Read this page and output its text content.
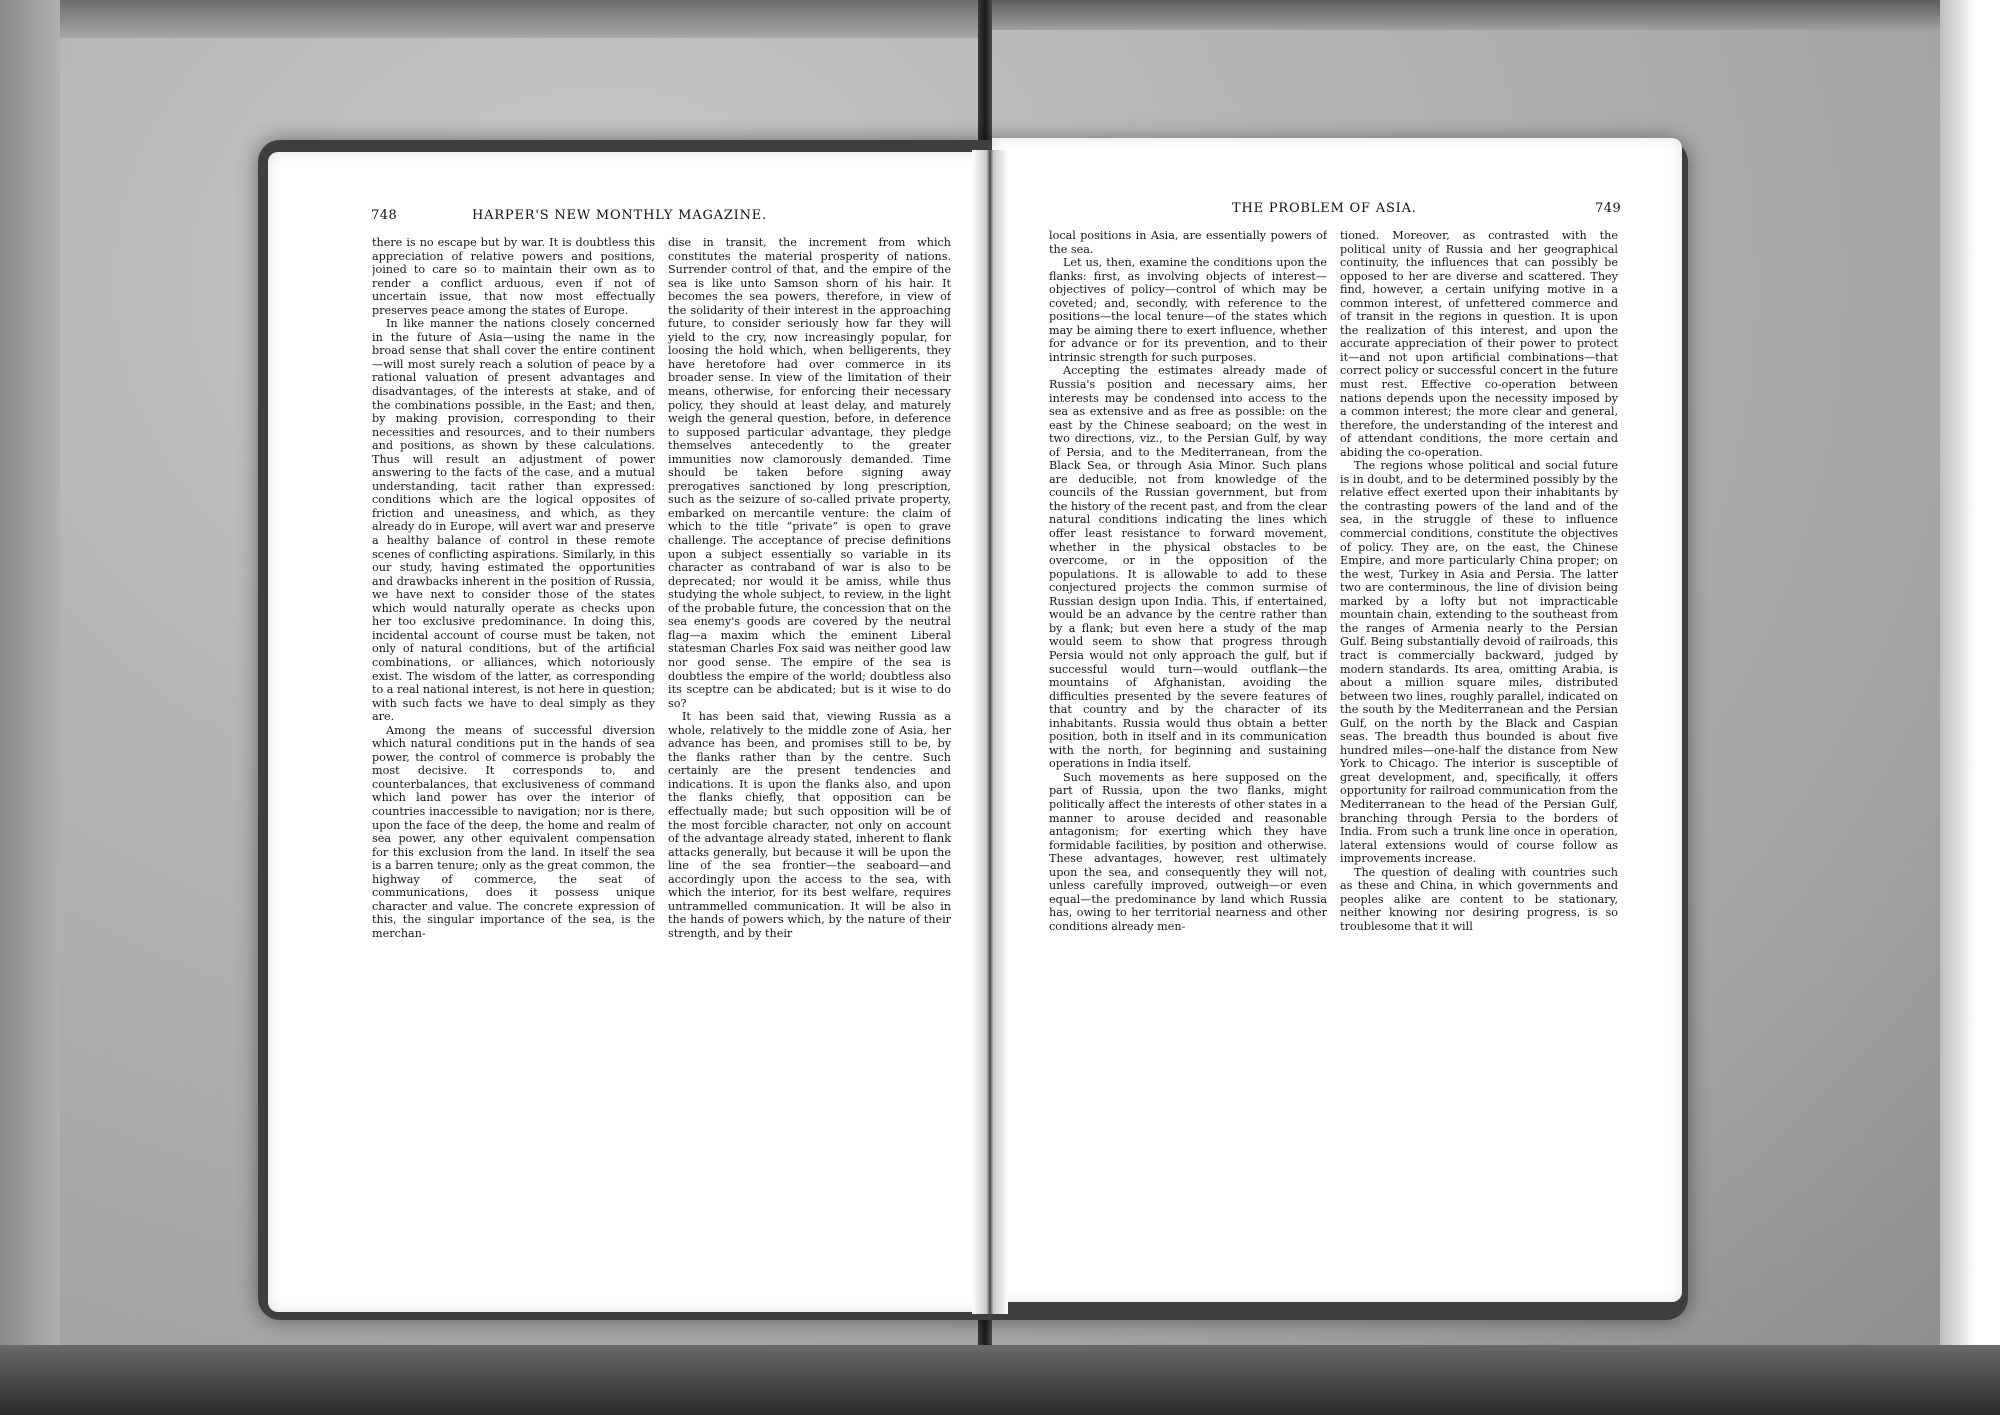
748	HARPER'S NEW MONTHLY MAGAZINE.	THE PROBLEM OF ASIA.	749

there is no escape but by war. It is doubtless this appreciation of relative powers and positions, joined to care so to maintain their own as to render a conflict arduous, even if not of uncertain issue, that now most effectually preserves peace among the states of Europe.

In like manner the nations closely concerned in the future of Asia—using the name in the broad sense that shall cover the entire continent—will most surely reach a solution of peace by a rational valuation of present advantages and disadvantages, of the interests at stake, and of the combinations possible, in the East; and then, by making provision, corresponding to their necessities and resources, and to their numbers and positions, as shown by these calculations. Thus will result an adjustment of power answering to the facts of the case, and a mutual understanding, tacit rather than expressed: conditions which are the logical opposites of friction and uneasiness, and which, as they already do in Europe, will avert war and preserve a healthy balance of control in these remote scenes of conflicting aspirations. Similarly, in this our study, having estimated the opportunities and drawbacks inherent in the position of Russia, we have next to consider those of the states which would naturally operate as checks upon her too exclusive predominance. In doing this, incidental account of course must be taken, not only of natural conditions, but of the artificial combinations, or alliances, which notoriously exist. The wisdom of the latter, as corresponding to a real national interest, is not here in question; with such facts we have to deal simply as they are.

Among the means of successful diversion which natural conditions put in the hands of sea power, the control of commerce is probably the most decisive. It corresponds to, and counterbalances, that exclusiveness of command which land power has over the interior of countries inaccessible to navigation; nor is there, upon the face of the deep, the home and realm of sea power, any other equivalent compensation for this exclusion from the land. In itself the sea is a barren tenure; only as the great common, the highway of commerce, the seat of communications, does it possess unique character and value. The concrete expression of this, the singular importance of the sea, is the merchan-

dise in transit, the increment from which constitutes the material prosperity of nations. Surrender control of that, and the empire of the sea is like unto Samson shorn of his hair. It becomes the sea powers, therefore, in view of the solidarity of their interest in the approaching future, to consider seriously how far they will yield to the cry, now increasingly popular, for loosing the hold which, when belligerents, they have heretofore had over commerce in its broader sense. In view of the limitation of their means, otherwise, for enforcing their necessary policy, they should at least delay, and maturely weigh the general question, before, in deference to supposed particular advantage, they pledge themselves antecedently to the greater immunities now clamorously demanded. Time should be taken before signing away prerogatives sanctioned by long prescription, such as the seizure of so-called private property, embarked on mercantile venture: the claim of which to the title “private” is open to grave challenge. The acceptance of precise definitions upon a subject essentially so variable in its character as contraband of war is also to be deprecated; nor would it be amiss, while thus studying the whole subject, to review, in the light of the probable future, the concession that on the sea enemy's goods are covered by the neutral flag—a maxim which the eminent Liberal statesman Charles Fox said was neither good law nor good sense. The empire of the sea is doubtless the empire of the world; doubtless also its sceptre can be abdicated; but is it wise to do so?

It has been said that, viewing Russia as a whole, relatively to the middle zone of Asia, her advance has been, and promises still to be, by the flanks rather than by the centre. Such certainly are the present tendencies and indications. It is upon the flanks also, and upon the flanks chiefly, that opposition can be effectually made; but such opposition will be of the most forcible character, not only on account of the advantage already stated, inherent to flank attacks generally, but because it will be upon the line of the sea frontier—the seaboard—and accordingly upon the access to the sea, with which the interior, for its best welfare, requires untrammelled communication. It will be also in the hands of powers which, by the nature of their strength, and by their

local positions in Asia, are essentially powers of the sea.

Let us, then, examine the conditions upon the flanks: first, as involving objects of interest—objectives of policy—control of which may be coveted; and, secondly, with reference to the positions—the local tenure—of the states which may be aiming there to exert influence, whether for advance or for its prevention, and to their intrinsic strength for such purposes.

Accepting the estimates already made of Russia's position and necessary aims, her interests may be condensed into access to the sea as extensive and as free as possible: on the east by the Chinese seaboard; on the west in two directions, viz., to the Persian Gulf, by way of Persia, and to the Mediterranean, from the Black Sea, or through Asia Minor. Such plans are deducible, not from knowledge of the councils of the Russian government, but from the history of the recent past, and from the clear natural conditions indicating the lines which offer least resistance to forward movement, whether in the physical obstacles to be overcome, or in the opposition of the populations. It is allowable to add to these conjectured projects the common surmise of Russian design upon India. This, if entertained, would be an advance by the centre rather than by a flank; but even here a study of the map would seem to show that progress through Persia would not only approach the gulf, but if successful would turn—would outflank—the mountains of Afghanistan, avoiding the difficulties presented by the severe features of that country and by the character of its inhabitants. Russia would thus obtain a better position, both in itself and in its communication with the north, for beginning and sustaining operations in India itself.

Such movements as here supposed on the part of Russia, upon the two flanks, might politically affect the interests of other states in a manner to arouse decided and reasonable antagonism; for exerting which they have formidable facilities, by position and otherwise. These advantages, however, rest ultimately upon the sea, and consequently they will not, unless carefully improved, outweigh—or even equal—the predominance by land which Russia has, owing to her territorial nearness and other conditions already men-

tioned. Moreover, as contrasted with the political unity of Russia and her geographical continuity, the influences that can possibly be opposed to her are diverse and scattered. They find, however, a certain unifying motive in a common interest, of unfettered commerce and of transit in the regions in question. It is upon the realization of this interest, and upon the accurate appreciation of their power to protect it—and not upon artificial combinations—that correct policy or successful concert in the future must rest. Effective co-operation between nations depends upon the necessity imposed by a common interest; the more clear and general, therefore, the understanding of the interest and of attendant conditions, the more certain and abiding the co-operation.

The regions whose political and social future is in doubt, and to be determined possibly by the relative effect exerted upon their inhabitants by the contrasting powers of the land and of the sea, in the struggle of these to influence commercial conditions, constitute the objectives of policy. They are, on the east, the Chinese Empire, and more particularly China proper; on the west, Turkey in Asia and Persia. The latter two are conterminous, the line of division being marked by a lofty but not impracticable mountain chain, extending to the southeast from the ranges of Armenia nearly to the Persian Gulf. Being substantially devoid of railroads, this tract is commercially backward, judged by modern standards. Its area, omitting Arabia, is about a million square miles, distributed between two lines, roughly parallel, indicated on the south by the Mediterranean and the Persian Gulf, on the north by the Black and Caspian seas. The breadth thus bounded is about five hundred miles—one-half the distance from New York to Chicago. The interior is susceptible of great development, and, specifically, it offers opportunity for railroad communication from the Mediterranean to the head of the Persian Gulf, branching through Persia to the borders of India. From such a trunk line once in operation, lateral extensions would of course follow as improvements increase.

The question of dealing with countries such as these and China, in which governments and peoples alike are content to be stationary, neither knowing nor desiring progress, is so troublesome that it will
